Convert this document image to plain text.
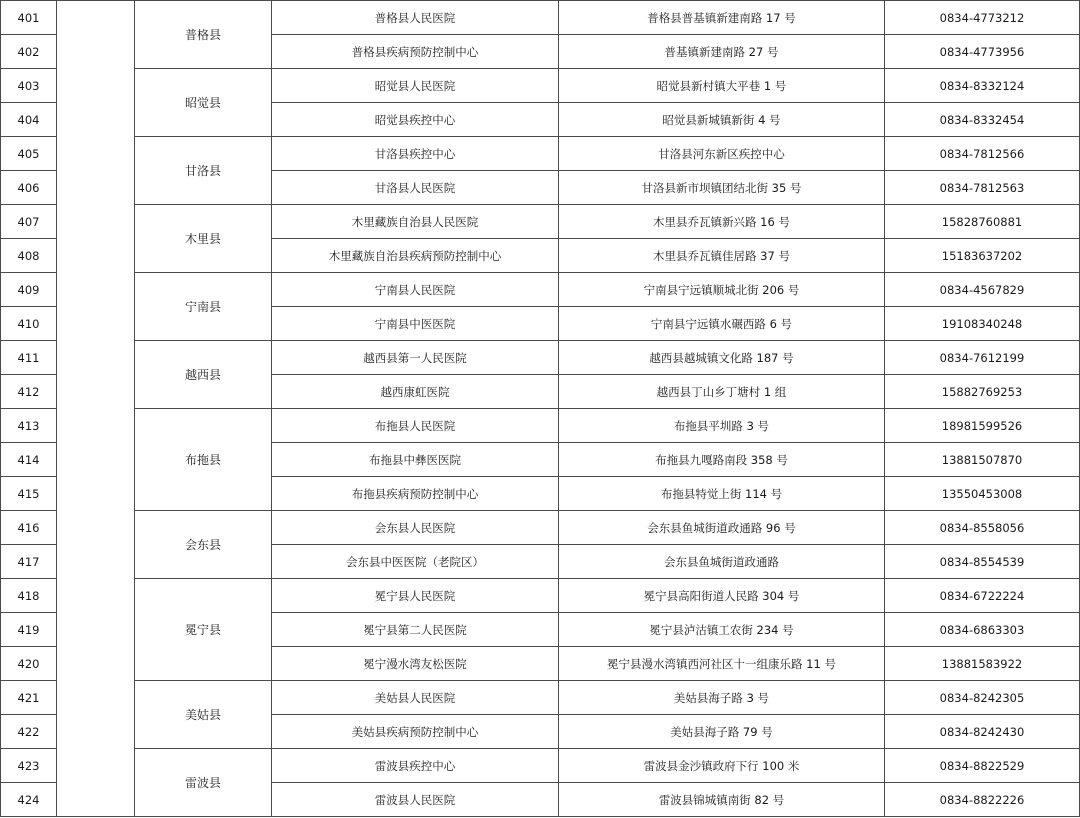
401		普格县	普格县人民医院	普格县普基镇新建南路 17 号	0834-4773212
402			普格县疾病预防控制中心	普基镇新建南路 27 号	0834-4773956
403		昭觉县	昭觉县人民医院	昭觉县新村镇大平巷 1 号	0834-8332124
404			昭觉县疾控中心	昭觉县新城镇新街 4 号	0834-8332454
405		甘洛县	甘洛县疾控中心	甘洛县河东新区疾控中心	0834-7812566
406			甘洛县人民医院	甘洛县新市坝镇团结北街 35 号	0834-7812563
407		木里县	木里藏族自治县人民医院	木里县乔瓦镇新兴路 16 号	15828760881
408			木里藏族自治县疾病预防控制中心	木里县乔瓦镇佳居路 37 号	15183637202
409		宁南县	宁南县人民医院	宁南县宁远镇顺城北街 206 号	0834-4567829
410			宁南县中医医院	宁南县宁远镇水碾西路 6 号	19108340248
411		越西县	越西县第一人民医院	越西县越城镇文化路 187 号	0834-7612199
412			越西康虹医院	越西县丁山乡丁塘村 1 组	15882769253
413		布拖县	布拖县人民医院	布拖县平圳路 3 号	18981599526
414			布拖县中彝医医院	布拖县九嘎路南段 358 号	13881507870
415			布拖县疾病预防控制中心	布拖县特觉上街 114 号	13550453008
416		会东县	会东县人民医院	会东县鱼城街道政通路 96 号	0834-8558056
417			会东县中医医院（老院区）	会东县鱼城街道政通路	0834-8554539
418		冕宁县	冕宁县人民医院	冕宁县高阳街道人民路 304 号	0834-6722224
419			冕宁县第二人民医院	冕宁县泸沽镇工农街 234 号	0834-6863303
420			冕宁漫水湾友松医院	冕宁县漫水湾镇西河社区十一组康乐路 11 号	13881583922
421		美姑县	美姑县人民医院	美姑县海子路 3 号	0834-8242305
422			美姑县疾病预防控制中心	美姑县海子路 79 号	0834-8242430
423		雷波县	雷波县疾控中心	雷波县金沙镇政府下行 100 米	0834-8822529
424			雷波县人民医院	雷波县锦城镇南街 82 号	0834-8822226
